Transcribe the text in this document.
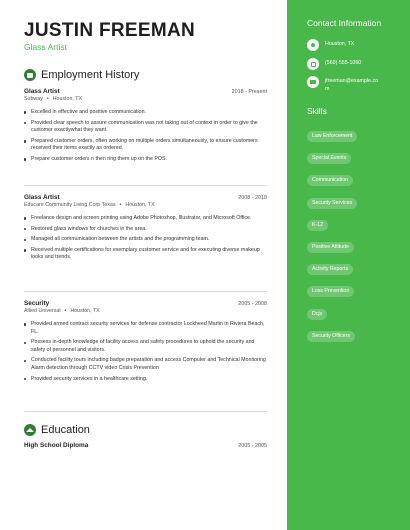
JUSTIN FREEMAN
Glass Artist
Employment History
Glass Artist	2018 - Present
Subway • Houston, TX
Excelled in effective and positive communication.
Provided clear speech to assure communication was not taking out of context in order to give the customer exactlywhat they want.
Prepared customer orders, often working on multiple orders simultaneously, to ensure customers received their items exactly as ordered.
Prepare customer orders n then ring them up on the POS.
Glass Artist	2008 - 2018
Educare Community Living Corp Texas • Houston, TX
Freelance design and screen printing using Adobe Photoshop, Illustrator, and Microsoft Office.
Restored glass windows for churches in the area.
Managed all communication between the artists and the programming team.
Received multiple certifications for exemplary customer service and for executing diverse makeup looks and trends.
Security	2005 - 2008
Allied Universal • Houston, TX
Provided armed contract security services for defense contractor Lockheed Martin in Riviera Beach, FL.
Possess in-depth knowledge of facility access and safety procedures to uphold the security and safety of personnel and visitors.
Conducted facility tours including badge preparation and access Computer and Technical Monitoring Alarm detection through CCTV video Crisis Prevention
Provided security services in a healthcare setting.
Education
High School Diploma	2005 - 2005
Contact Information
Houston, TX
(560) 555-1060
jfreeman@example.co
m
Skills
Law Enforcement
Special Events
Communication
Security Services
K-12
Positive Attitude
Activity Reports
Loss Prevention
Dcjs
Security Officers
